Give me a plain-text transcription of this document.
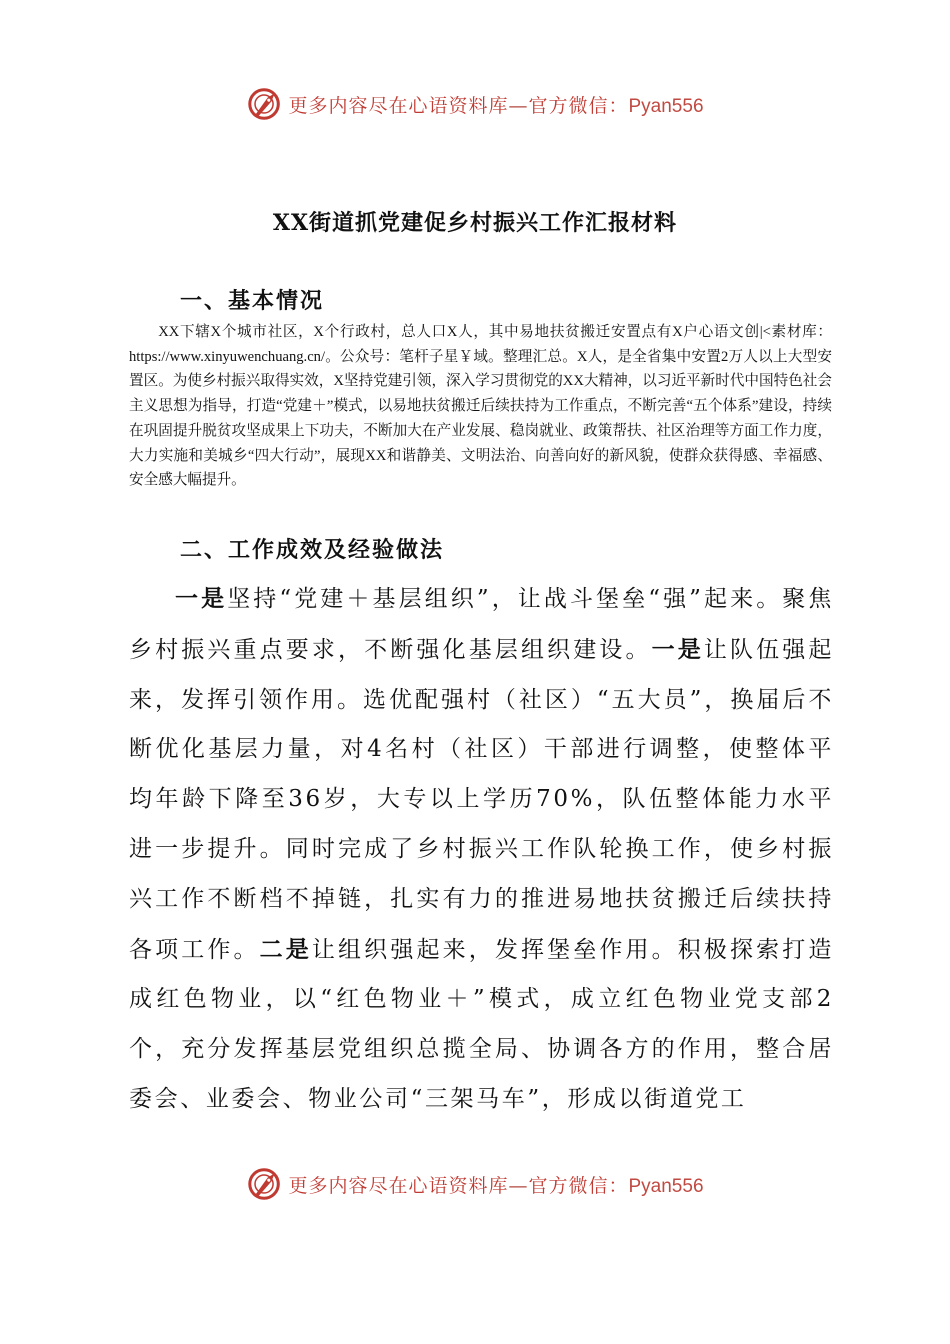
更多内容尽在心语资料库—官方微信：Pyan556
XX街道抓党建促乡村振兴工作汇报材料
一、基本情况

XX下辖X个城市社区，X个行政村，总人口X人，其中易地扶贫搬迁安置点有X户心语文创|<素材库：https://www.xinyuwenchuang.cn/。公众号：笔杆子星￥域。整理汇总。X人，是全省集中安置2万人以上大型安置区。为使乡村振兴取得实效，X坚持党建引领，深入学习贯彻党的XX大精神，以习近平新时代中国特色社会主义思想为指导，打造“党建＋”模式，以易地扶贫搬迁后续扶持为工作重点，不断完善“五个体系”建设，持续在巩固提升脱贫攻坚成果上下功夫，不断加大在产业发展、稳岗就业、政策帮扶、社区治理等方面工作力度，大力实施和美城乡“四大行动”，展现XX和谐静美、文明法治、向善向好的新风貌，使群众获得感、幸福感、安全感大幅提升。

二、工作成效及经验做法

一是坚持“党建＋基层组织”，让战斗堡垒“强”起来。聚焦乡村振兴重点要求，不断强化基层组织建设。一是让队伍强起来，发挥引领作用。选优配强村（社区）“五大员”，换届后不断优化基层力量，对4名村（社区）干部进行调整，使整体平均年龄下降至36岁，大专以上学历70%，队伍整体能力水平进一步提升。同时完成了乡村振兴工作队轮换工作，使乡村振兴工作不断档不掉链，扎实有力的推进易地扶贫搬迁后续扶持各项工作。二是让组织强起来，发挥堡垒作用。积极探索打造成红色物业，以“红色物业＋”模式，成立红色物业党支部2个，充分发挥基层党组织总揽全局、协调各方的作用，整合居委会、业委会、物业公司“三架马车”，形成以街道党工

更多内容尽在心语资料库—官方微信：Pyan556
